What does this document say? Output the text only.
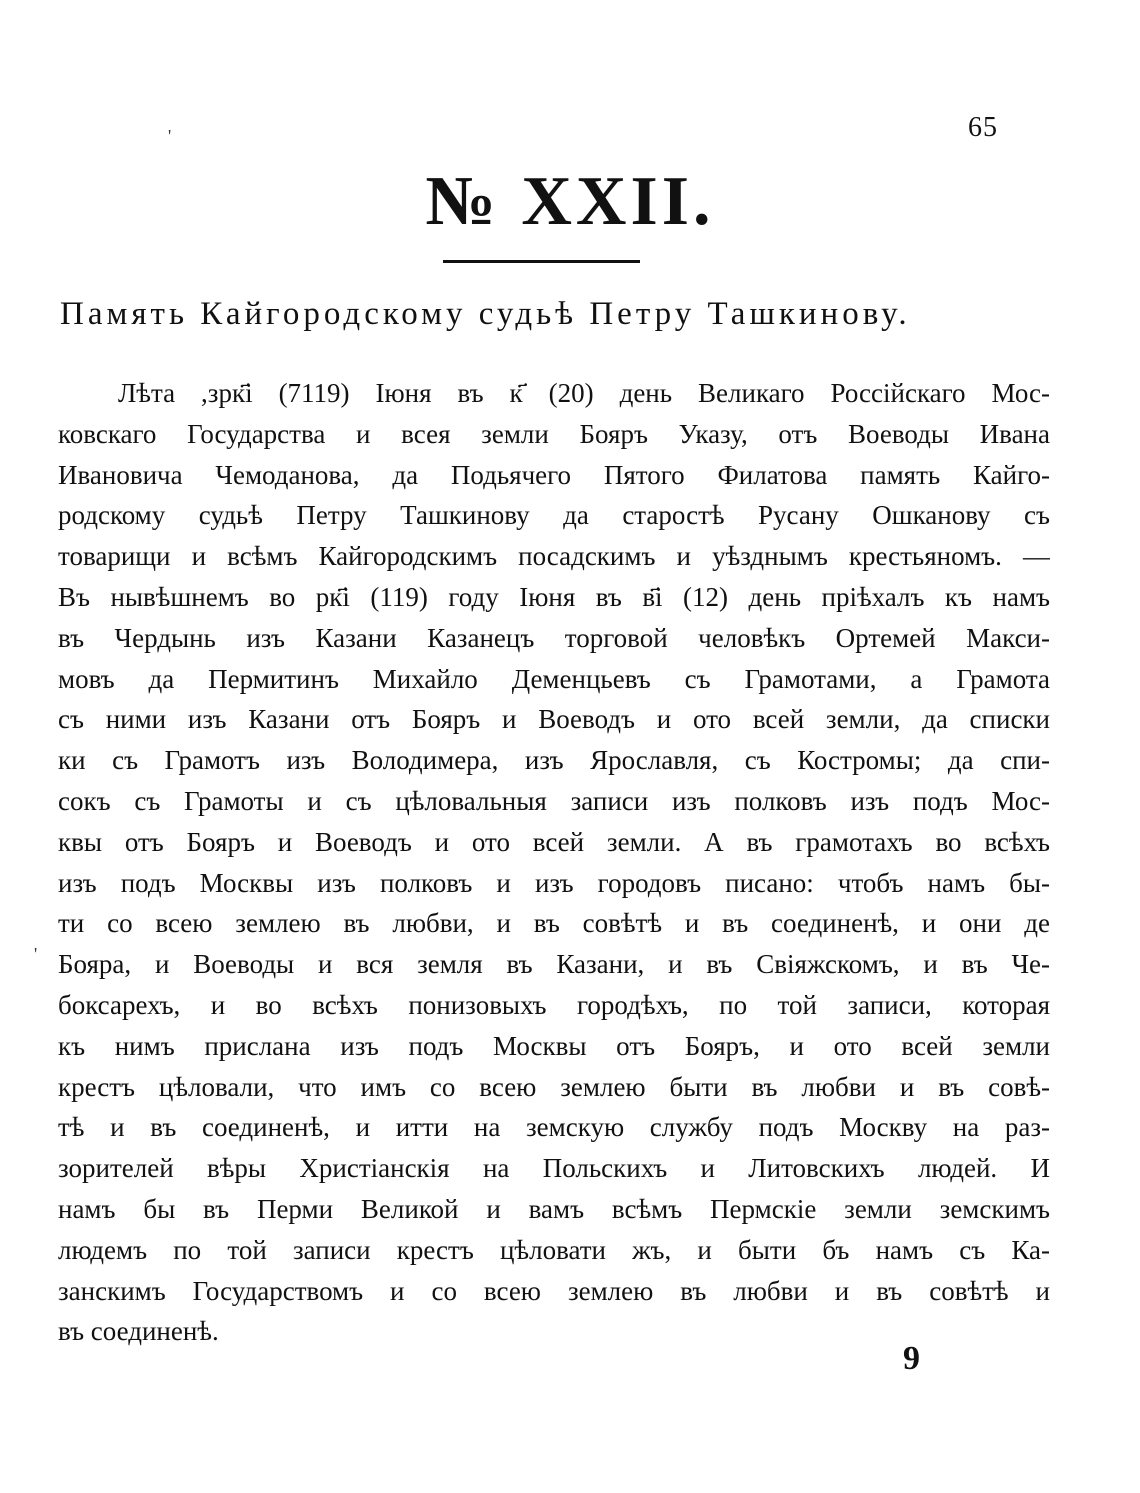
65
'
'
№ XXII.
Память Кайгородскому судьѣ Петру Ташкинову.
Лѣта ,зрк҃і (7119) Іюня въ к҃ (20) день Великаго Россійскаго Мос-
ковскаго Государства и всея земли Бояръ Указу, отъ Воеводы Ивана
Ивановича Чемоданова, да Подьячего Пятого Филатова память Кайго-
родскому судьѣ Петру Ташкинову да старостѣ Русану Ошканову съ
товарищи и всѣмъ Кайгородскимъ посадскимъ и уѣзднымъ крестьяномъ. —
Въ нывѣшнемъ во рк҃і (119) году Іюня въ в҃і (12) день пріѣхалъ къ намъ
въ Чердынь изъ Казани Казанецъ торговой человѣкъ Ортемей Макси-
мовъ да Пермитинъ Михайло Деменцьевъ съ Грамотами, а Грамота
съ ними изъ Казани отъ Бояръ и Воеводъ и ото всей земли, да списки
ки съ Грамотъ изъ Володимера, изъ Ярославля, съ Костромы; да спи-
сокъ съ Грамоты и съ цѣловальныя записи изъ полковъ изъ подъ Мос-
квы отъ Бояръ и Воеводъ и ото всей земли. А въ грамотахъ во всѣхъ
изъ подъ Москвы изъ полковъ и изъ городовъ писано: чтобъ намъ бы-
ти со всею землею въ любви, и въ совѣтѣ и въ соединенѣ, и они де
Бояра, и Воеводы и вся земля въ Казани, и въ Свіяжскомъ, и въ Че-
боксарехъ, и во всѣхъ понизовыхъ городѣхъ, по той записи, которая
къ нимъ прислана изъ подъ Москвы отъ Бояръ, и ото всей земли
крестъ цѣловали, что имъ со всею землею быти въ любви и въ совѣ-
тѣ и въ соединенѣ, и итти на земскую службу подъ Москву на раз-
зорителей вѣры Христіанскія на Польскихъ и Литовскихъ людей. И
намъ бы въ Перми Великой и вамъ всѣмъ Пермскіе земли земскимъ
людемъ по той записи крестъ цѣловати жъ, и быти бъ намъ съ Ка-
занскимъ Государствомъ и со всею землею въ любви и въ совѣтѣ и
въ соединенѣ.
9
